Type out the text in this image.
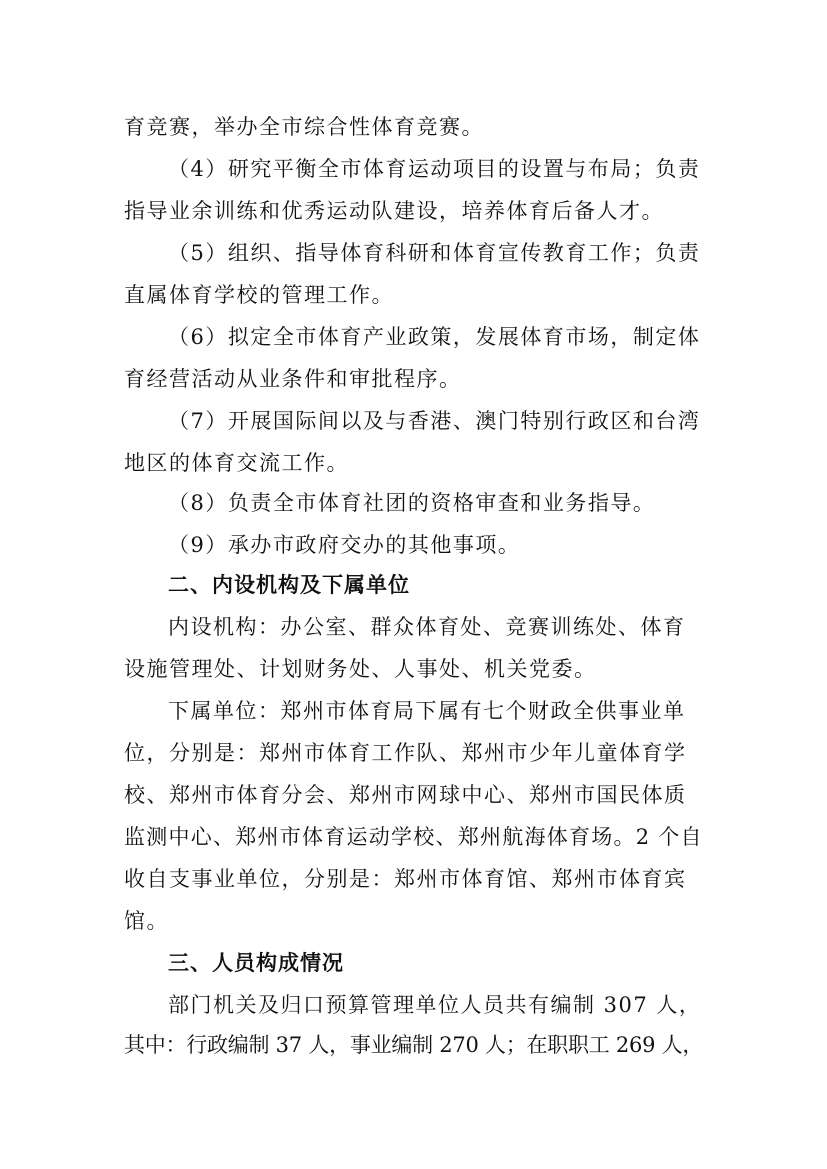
育竞赛，举办全市综合性体育竞赛。
（4）研究平衡全市体育运动项目的设置与布局；负责
指导业余训练和优秀运动队建设，培养体育后备人才。
（5）组织、指导体育科研和体育宣传教育工作；负责
直属体育学校的管理工作。
（6）拟定全市体育产业政策，发展体育市场，制定体
育经营活动从业条件和审批程序。
（7）开展国际间以及与香港、澳门特别行政区和台湾
地区的体育交流工作。
（8）负责全市体育社团的资格审查和业务指导。
（9）承办市政府交办的其他事项。
二、内设机构及下属单位
内设机构：办公室、群众体育处、竞赛训练处、体育
设施管理处、计划财务处、人事处、机关党委。
下属单位：郑州市体育局下属有七个财政全供事业单
位，分别是：郑州市体育工作队、郑州市少年儿童体育学
校、郑州市体育分会、郑州市网球中心、郑州市国民体质
监测中心、郑州市体育运动学校、郑州航海体育场。2 个自
收自支事业单位，分别是：郑州市体育馆、郑州市体育宾
馆。
三、人员构成情况
部门机关及归口预算管理单位人员共有编制 307 人，
其中：行政编制 37 人，事业编制 270 人；在职职工 269 人，
